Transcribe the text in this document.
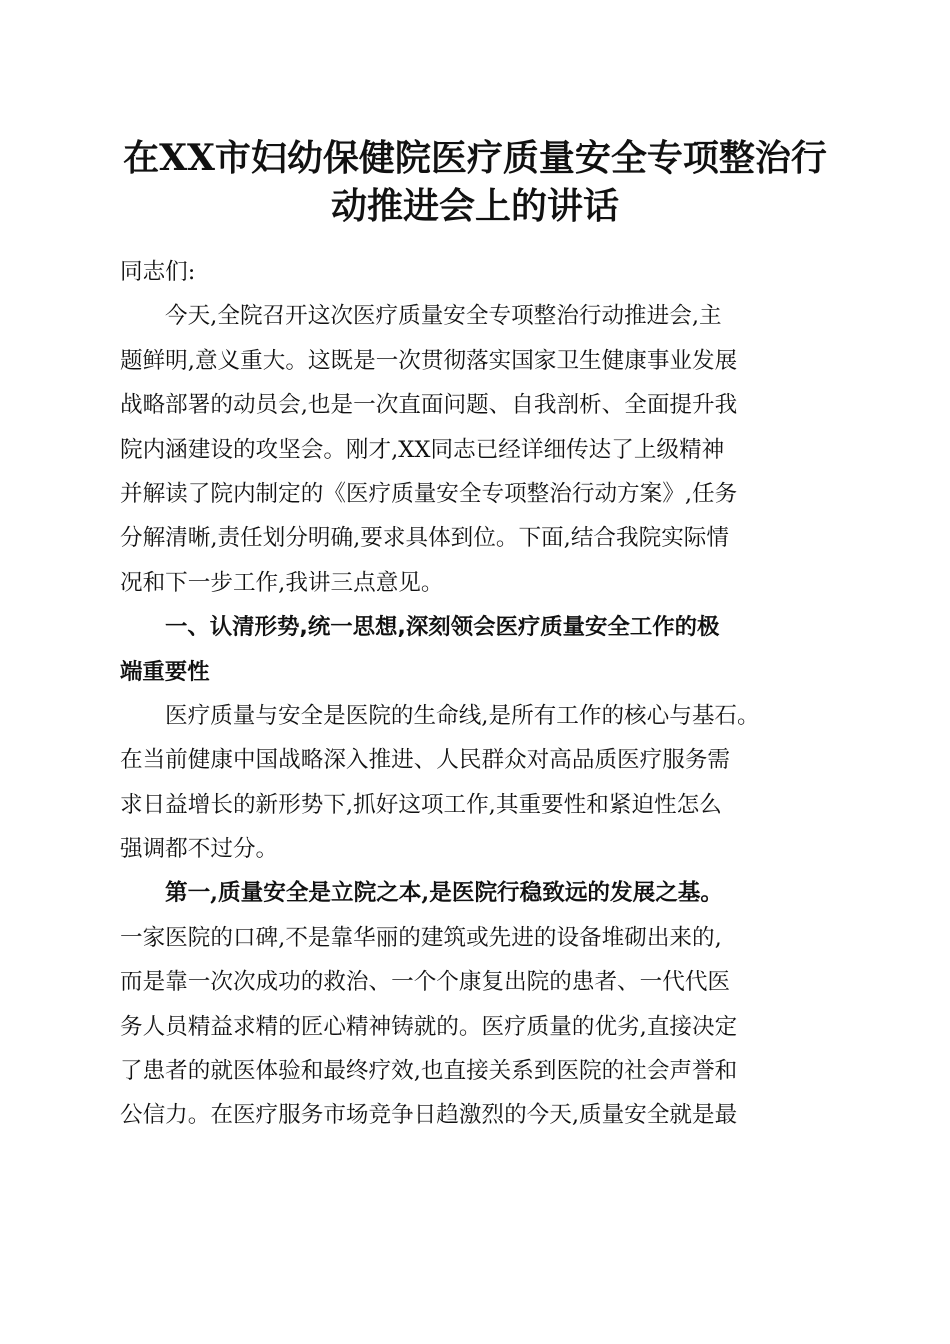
在XX市妇幼保健院医疗质量安全专项整治行
动推进会上的讲话
同志们:
今天,全院召开这次医疗质量安全专项整治行动推进会,主
题鲜明,意义重大。这既是一次贯彻落实国家卫生健康事业发展
战略部署的动员会,也是一次直面问题、自我剖析、全面提升我
院内涵建设的攻坚会。刚才,XX同志已经详细传达了上级精神
并解读了院内制定的《医疗质量安全专项整治行动方案》,任务
分解清晰,责任划分明确,要求具体到位。下面,结合我院实际情
况和下一步工作,我讲三点意见。
一、认清形势,统一思想,深刻领会医疗质量安全工作的极
端重要性
医疗质量与安全是医院的生命线,是所有工作的核心与基石。
在当前健康中国战略深入推进、人民群众对高品质医疗服务需
求日益增长的新形势下,抓好这项工作,其重要性和紧迫性怎么
强调都不过分。
第一,质量安全是立院之本,是医院行稳致远的发展之基。
一家医院的口碑,不是靠华丽的建筑或先进的设备堆砌出来的,
而是靠一次次成功的救治、一个个康复出院的患者、一代代医
务人员精益求精的匠心精神铸就的。医疗质量的优劣,直接决定
了患者的就医体验和最终疗效,也直接关系到医院的社会声誉和
公信力。在医疗服务市场竞争日趋激烈的今天,质量安全就是最
